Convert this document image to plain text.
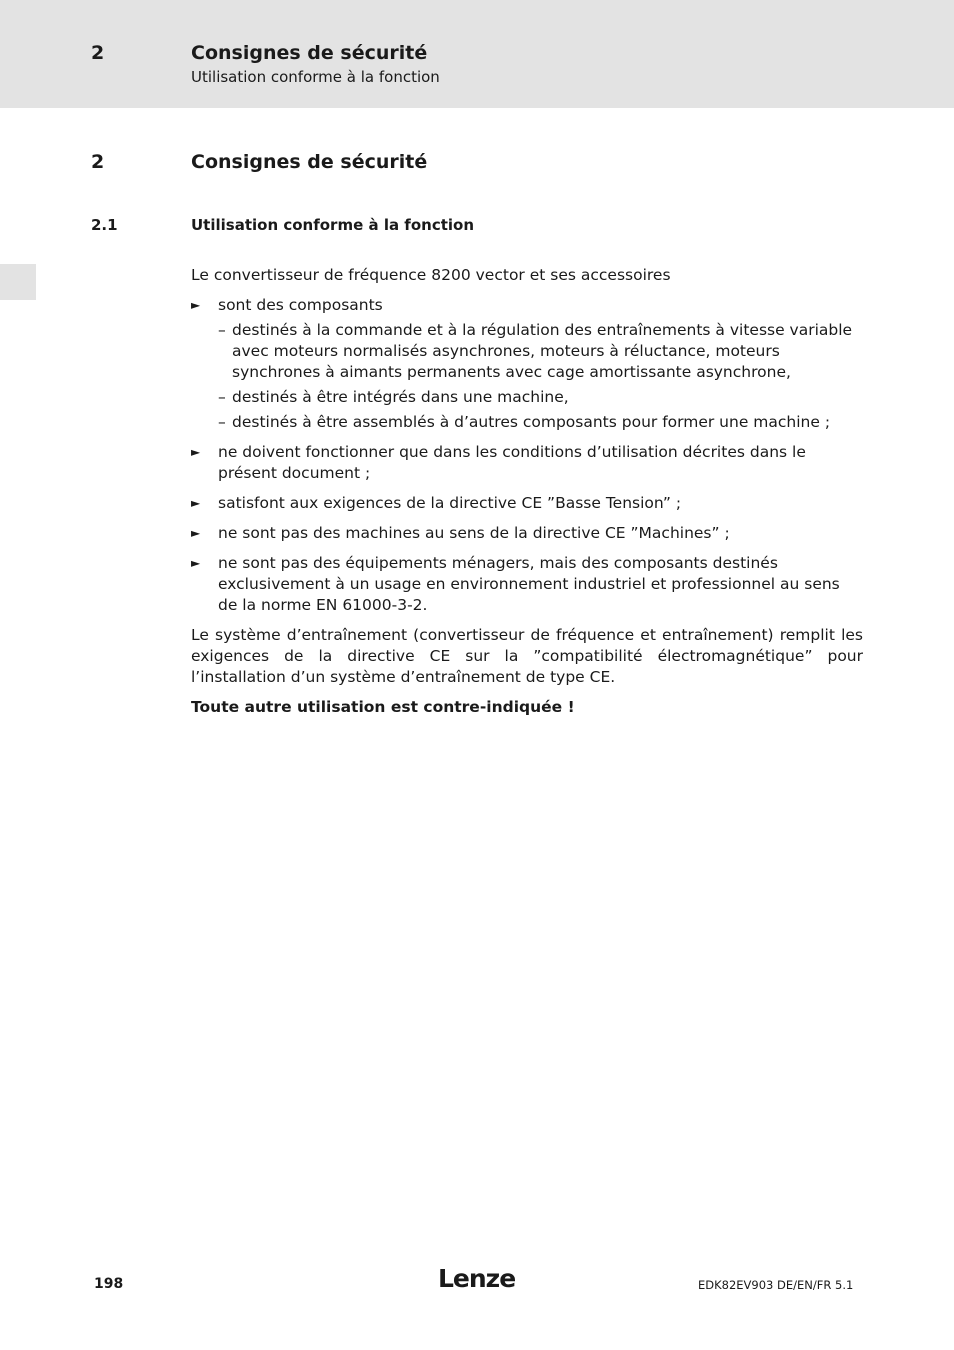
2	Consignes de sécurité
Utilisation conforme à la fonction
2	Consignes de sécurité
2.1	Utilisation conforme à la fonction

Le convertisseur de fréquence 8200 vector et ses accessoires

► sont des composants
– destinés à la commande et à la régulation des entraînements à vitesse variable avec moteurs normalisés asynchrones, moteurs à réluctance, moteurs synchrones à aimants permanents avec cage amortissante asynchrone,
– destinés à être intégrés dans une machine,
– destinés à être assemblés à d’autres composants pour former une machine ;
► ne doivent fonctionner que dans les conditions d’utilisation décrites dans le présent document ;
► satisfont aux exigences de la directive CE ”Basse Tension” ;
► ne sont pas des machines au sens de la directive CE ”Machines” ;
► ne sont pas des équipements ménagers, mais des composants destinés exclusivement à un usage en environnement industriel et professionnel au sens de la norme EN 61000-3-2.

Le système d’entraînement (convertisseur de fréquence et entraînement) remplit les exigences de la directive CE sur la ”compatibilité électromagnétique” pour l’installation d’un système d’entraînement de type CE.

Toute autre utilisation est contre-indiquée !

198	Lenze	EDK82EV903 DE/EN/FR 5.1
